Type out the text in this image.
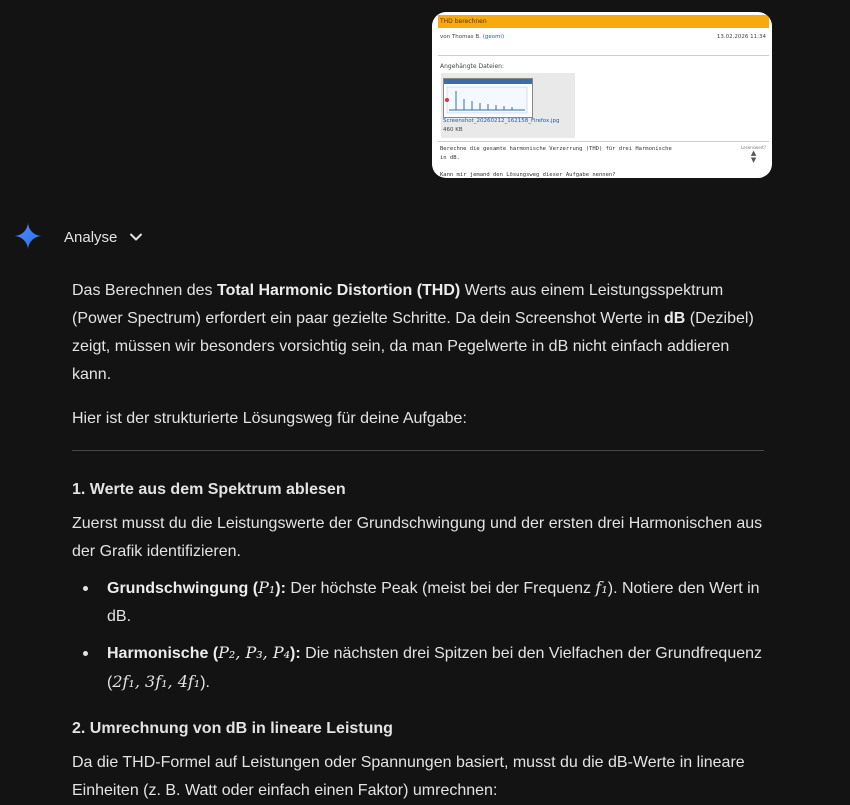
THD berechnen
von Thomas B. (geomi)	13.02.2026 11:34
Angehängte Dateien:
Screenshot_20260212_162158_Firefox.jpg
460 KB
Berechne die gesamte harmonische Verzerrung (THD) für drei Harmonische
in dB.
Kann mir jemand den Lösungsweg dieser Aufgabe nennen?
Lesenswert?
▲
▼
Analyse

Das Berechnen des Total Harmonic Distortion (THD) Werts aus einem Leistungsspektrum (Power Spectrum) erfordert ein paar gezielte Schritte. Da dein Screenshot Werte in dB (Dezibel) zeigt, müssen wir besonders vorsichtig sein, da man Pegelwerte in dB nicht einfach addieren kann.

Hier ist der strukturierte Lösungsweg für deine Aufgabe:

1. Werte aus dem Spektrum ablesen

Zuerst musst du die Leistungswerte der Grundschwingung und der ersten drei Harmonischen aus der Grafik identifizieren.

Grundschwingung (P₁): Der höchste Peak (meist bei der Frequenz f₁). Notiere den Wert in dB.
Harmonische (P₂, P₃, P₄): Die nächsten drei Spitzen bei den Vielfachen der Grundfrequenz (2f₁, 3f₁, 4f₁).
2. Umrechnung von dB in lineare Leistung

Da die THD-Formel auf Leistungen oder Spannungen basiert, musst du die dB-Werte in lineare Einheiten (z. B. Watt oder einfach einen Faktor) umrechnen:
